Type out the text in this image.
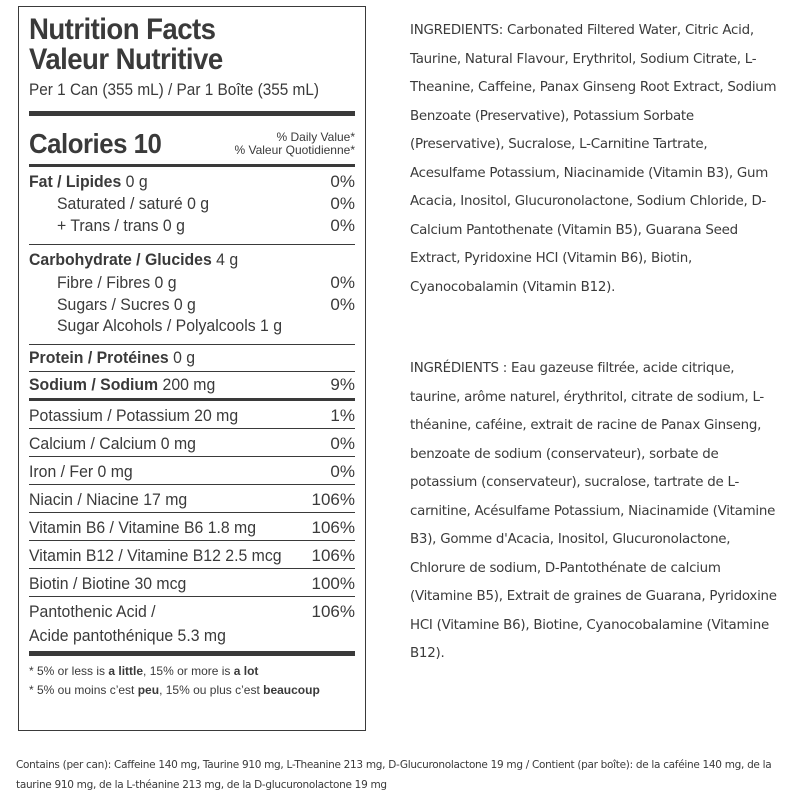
Nutrition Facts
Valeur Nutritive
Per 1 Can (355 mL) / Par 1 Boîte (355 mL)
Calories 10	% Daily Value*
% Valeur Quotidienne*
Fat / Lipides 0 g	0%
Saturated / saturé 0 g	0%
+ Trans / trans 0 g	0%
Carbohydrate / Glucides 4 g
Fibre / Fibres 0 g	0%
Sugars / Sucres 0 g	0%
Sugar Alcohols / Polyalcools 1 g
Protein / Protéines 0 g
Sodium / Sodium 200 mg	9%
Potassium / Potassium 20 mg	1%
Calcium / Calcium 0 mg	0%
Iron / Fer 0 mg	0%
Niacin / Niacine 17 mg	106%
Vitamin B6 / Vitamine B6 1.8 mg	106%
Vitamin B12 / Vitamine B12 2.5 mcg 106%
Biotin / Biotine 30 mcg	100%
Pantothenic Acid /	106%
Acide pantothénique 5.3 mg
* 5% or less is a little, 15% or more is a lot
* 5% ou moins c’est peu, 15% ou plus c’est beaucoup
INGREDIENTS: Carbonated Filtered Water, Citric Acid, Taurine, Natural Flavour, Erythritol, Sodium Citrate, L-Theanine, Caffeine, Panax Ginseng Root Extract, Sodium Benzoate (Preservative), Potassium Sorbate (Preservative), Sucralose, L-Carnitine Tartrate, Acesulfame Potassium, Niacinamide (Vitamin B3), Gum Acacia, Inositol, Glucuronolactone, Sodium Chloride, D-Calcium Pantothenate (Vitamin B5), Guarana Seed Extract, Pyridoxine HCI (Vitamin B6), Biotin, Cyanocobalamin (Vitamin B12).
INGRÉDIENTS : Eau gazeuse filtrée, acide citrique, taurine, arôme naturel, érythritol, citrate de sodium, L-théanine, caféine, extrait de racine de Panax Ginseng, benzoate de sodium (conservateur), sorbate de potassium (conservateur), sucralose, tartrate de L-carnitine, Acésulfame Potassium, Niacinamide (Vitamine B3), Gomme d'Acacia, Inositol, Glucuronolactone, Chlorure de sodium, D-Pantothénate de calcium (Vitamine B5), Extrait de graines de Guarana, Pyridoxine HCI (Vitamine B6), Biotine, Cyanocobalamine (Vitamine B12).
Contains (per can): Caffeine 140 mg, Taurine 910 mg, L-Theanine 213 mg, D-Glucuronolactone 19 mg / Contient (par boîte): de la caféine 140 mg, de la taurine 910 mg, de la L-théanine 213 mg, de la D-glucuronolactone 19 mg
